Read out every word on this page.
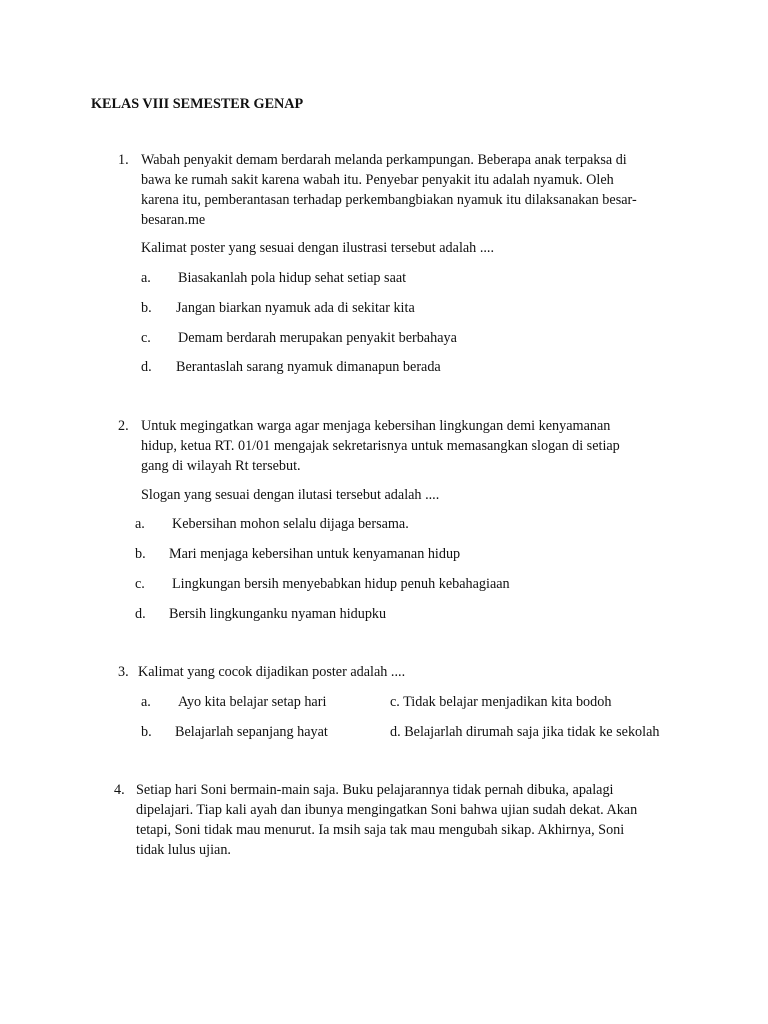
KELAS VIII SEMESTER GENAP
1. Wabah penyakit demam berdarah melanda perkampungan. Beberapa anak terpaksa di
bawa ke rumah sakit karena wabah itu. Penyebar penyakit itu adalah nyamuk. Oleh
karena itu, pemberantasan terhadap perkembangbiakan nyamuk itu dilaksanakan besar-
besaran.me
Kalimat poster yang sesuai dengan ilustrasi tersebut adalah ....
a. Biasakanlah pola hidup sehat setiap saat
b. Jangan biarkan nyamuk ada di sekitar kita
c. Demam berdarah merupakan penyakit berbahaya
d. Berantaslah sarang nyamuk dimanapun berada
2. Untuk megingatkan warga agar menjaga kebersihan lingkungan demi kenyamanan
hidup, ketua RT. 01/01 mengajak sekretarisnya untuk memasangkan slogan di setiap
gang di wilayah Rt tersebut.
Slogan yang sesuai dengan ilutasi tersebut adalah ....
a. Kebersihan mohon selalu dijaga bersama.
b. Mari menjaga kebersihan untuk kenyamanan hidup
c. Lingkungan bersih menyebabkan hidup penuh kebahagiaan
d. Bersih lingkunganku nyaman hidupku
3. Kalimat yang cocok dijadikan poster adalah ....
a. Ayo kita belajar setap hari
b. Belajarlah sepanjang hayat
c. Tidak belajar menjadikan kita bodoh
d. Belajarlah dirumah saja jika tidak ke sekolah
4. Setiap hari Soni bermain-main saja. Buku pelajarannya tidak pernah dibuka, apalagi
dipelajari. Tiap kali ayah dan ibunya mengingatkan Soni bahwa ujian sudah dekat. Akan
tetapi, Soni tidak mau menurut. Ia msih saja tak mau mengubah sikap. Akhirnya, Soni
tidak lulus ujian.
